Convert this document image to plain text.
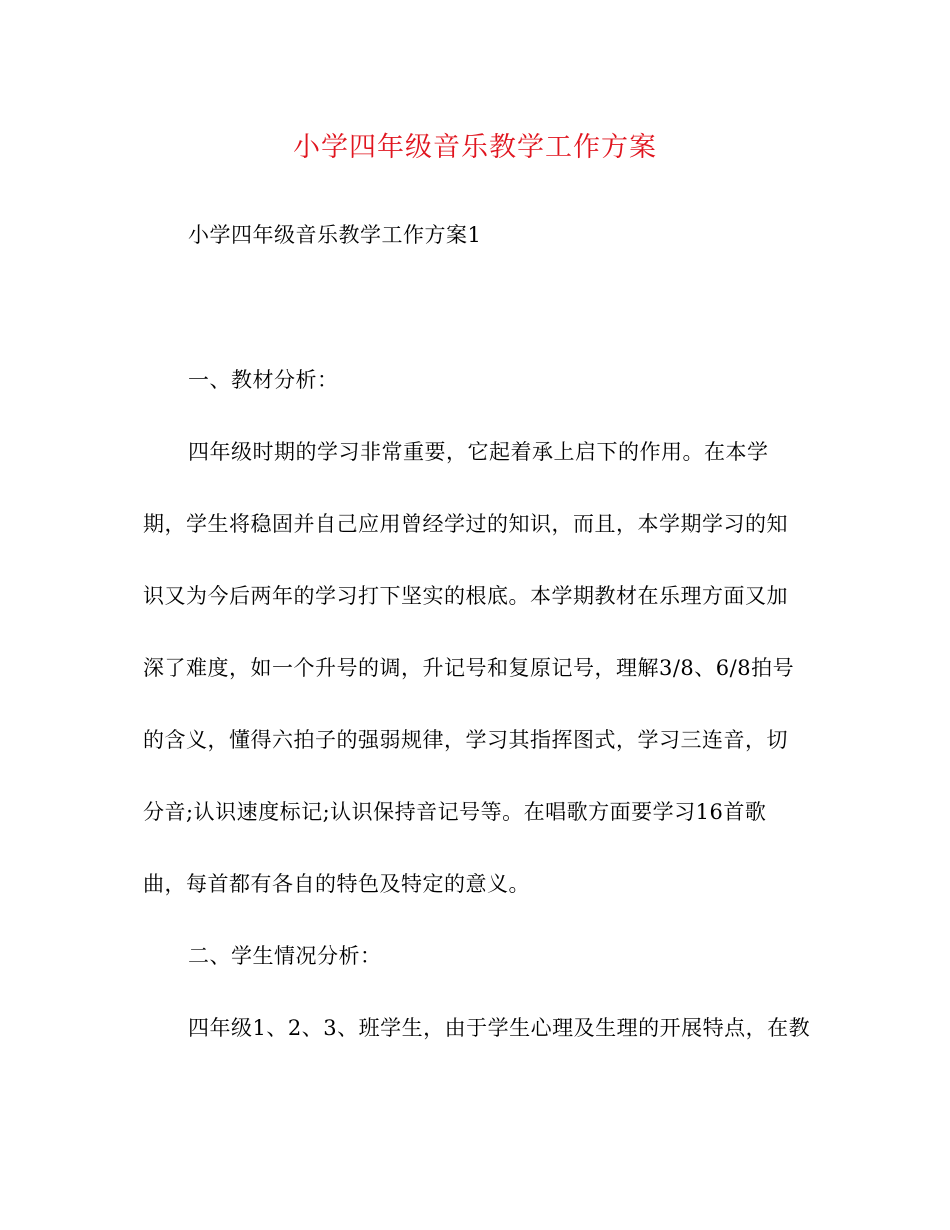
小学四年级音乐教学工作方案
小学四年级音乐教学工作方案1
一、教材分析：
四年级时期的学习非常重要，它起着承上启下的作用。在本学
期，学生将稳固并自己应用曾经学过的知识，而且，本学期学习的知
识又为今后两年的学习打下坚实的根底。本学期教材在乐理方面又加
深了难度，如一个升号的调，升记号和复原记号，理解3/8、6/8拍号
的含义，懂得六拍子的强弱规律，学习其指挥图式，学习三连音，切
分音;认识速度标记;认识保持音记号等。在唱歌方面要学习16首歌
曲，每首都有各自的特色及特定的意义。
二、学生情况分析：
四年级1、2、3、班学生，由于学生心理及生理的开展特点，在教
